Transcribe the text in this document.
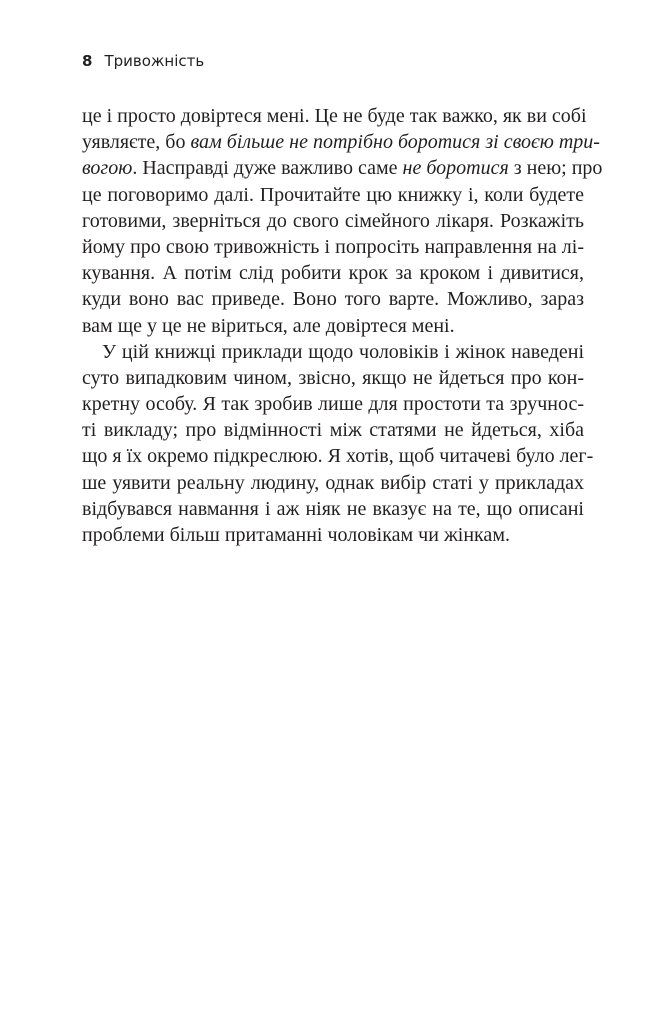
8 Тривожність
це і просто довіртеся мені. Це не буде так важко, як ви собі
уявляєте, бо вам більше не потрібно боротися зі своєю три-
вогою. Насправді дуже важливо саме не боротися з нею; про
це поговоримо далі. Прочитайте цю книжку і, коли будете
готовими, зверніться до свого сімейного лікаря. Розкажіть
йому про свою тривожність і попросіть направлення на лі-
кування. А потім слід робити крок за кроком і дивитися,
куди воно вас приведе. Воно того варте. Можливо, зараз
вам ще у це не віриться, але довіртеся мені.
У цій книжці приклади щодо чоловіків і жінок наведені
суто випадковим чином, звісно, якщо не йдеться про кон-
кретну особу. Я так зробив лише для простоти та зручнос-
ті викладу; про відмінності між статями не йдеться, хіба
що я їх окремо підкреслюю. Я хотів, щоб читачеві було лег-
ше уявити реальну людину, однак вибір статі у прикладах
відбувався навмання і аж ніяк не вказує на те, що описані
проблеми більш притаманні чоловікам чи жінкам.
